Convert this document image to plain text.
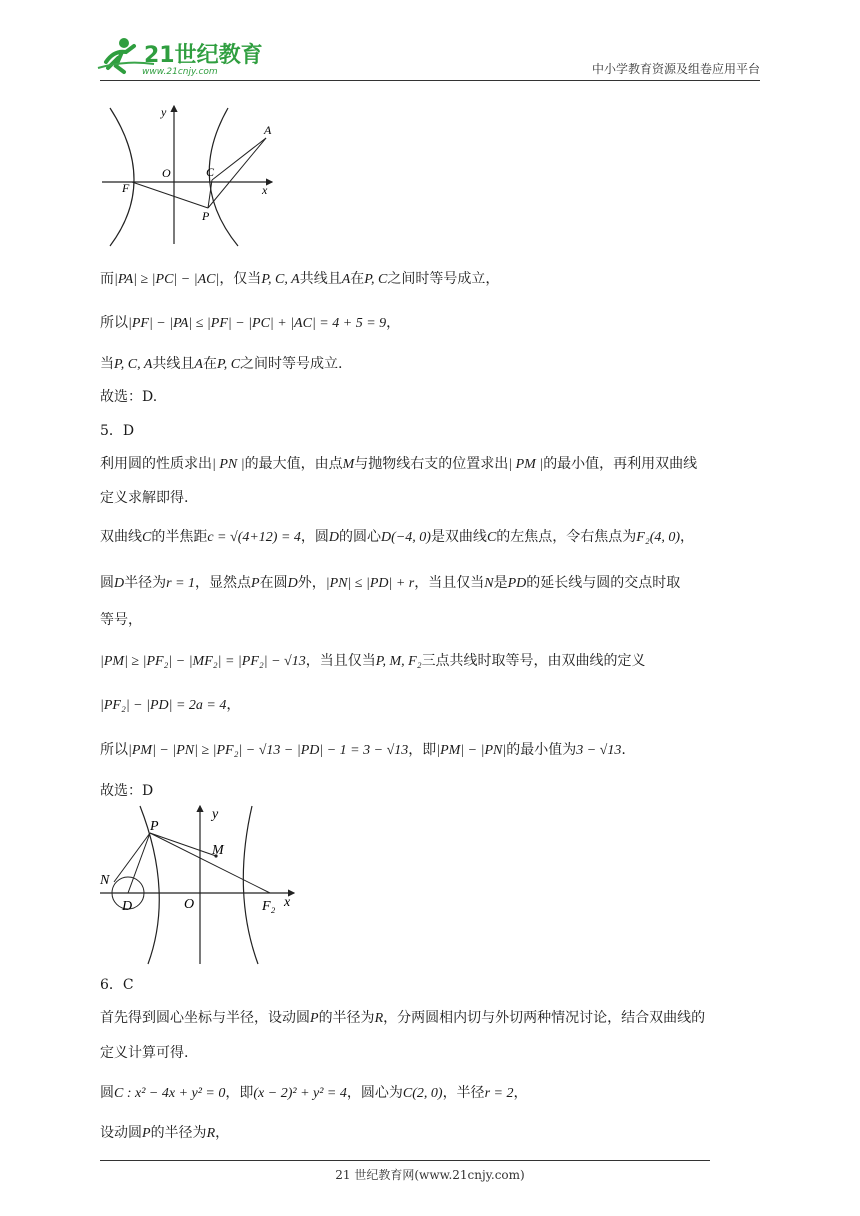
21世纪教育
www.21cnjy.com	中小学教育资源及组卷应用平台
y
O	C
A
F	x
P
而|PA| ≥ |PC| − |AC|，仅当P, C, A共线且A在P, C之间时等号成立，
所以|PF| − |PA| ≤ |PF| − |PC| + |AC| = 4 + 5 = 9，
当P, C, A共线且A在P, C之间时等号成立.
故选：D.
5．D
利用圆的性质求出| PN |的最大值，由点M与抛物线右支的位置求出| PM |的最小值，再利用双曲线
定义求解即得.
双曲线C的半焦距c = √(4+12) = 4，圆D的圆心D(−4, 0)是双曲线C的左焦点，令右焦点为F₂(4, 0)，
圆D半径为r = 1，显然点P在圆D外，|PN| ≤ |PD| + r，当且仅当N是PD的延长线与圆的交点时取
等号，
|PM| ≥ |PF₂| − |MF₂| = |PF₂| − √13，当且仅当P, M, F₂三点共线时取等号，由双曲线的定义
|PF₂| − |PD| = 2a = 4，
所以|PM| − |PN| ≥ |PF₂| − √13 − |PD| − 1 = 3 − √13，即|PM| − |PN|的最小值为3 − √13.
故选：D
y
P
M
N
D	O	F₂ x
6．C
首先得到圆心坐标与半径，设动圆P的半径为R，分两圆相内切与外切两种情况讨论，结合双曲线的
定义计算可得.
圆C : x² − 4x + y² = 0，即(x − 2)² + y² = 4，圆心为C(2, 0)，半径r = 2，
设动圆P的半径为R，
21 世纪教育网(www.21cnjy.com)
